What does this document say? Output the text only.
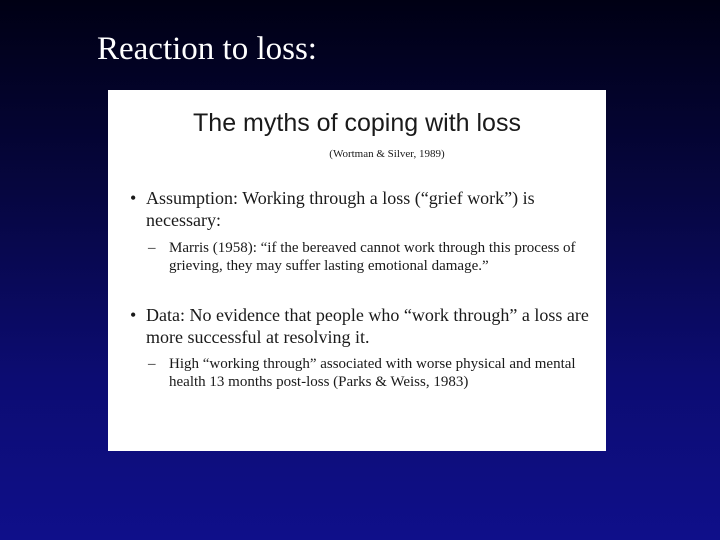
Reaction to loss:
The myths of coping with loss
(Wortman & Silver, 1989)
• Assumption: Working through a loss (“grief work”) is necessary:
– Marris (1958): “if the bereaved cannot work through this process of grieving, they may suffer lasting emotional damage.”
• Data: No evidence that people who “work through” a loss are more successful at resolving it.
– High “working through” associated with worse physical and mental health 13 months post-loss (Parks & Weiss, 1983)
